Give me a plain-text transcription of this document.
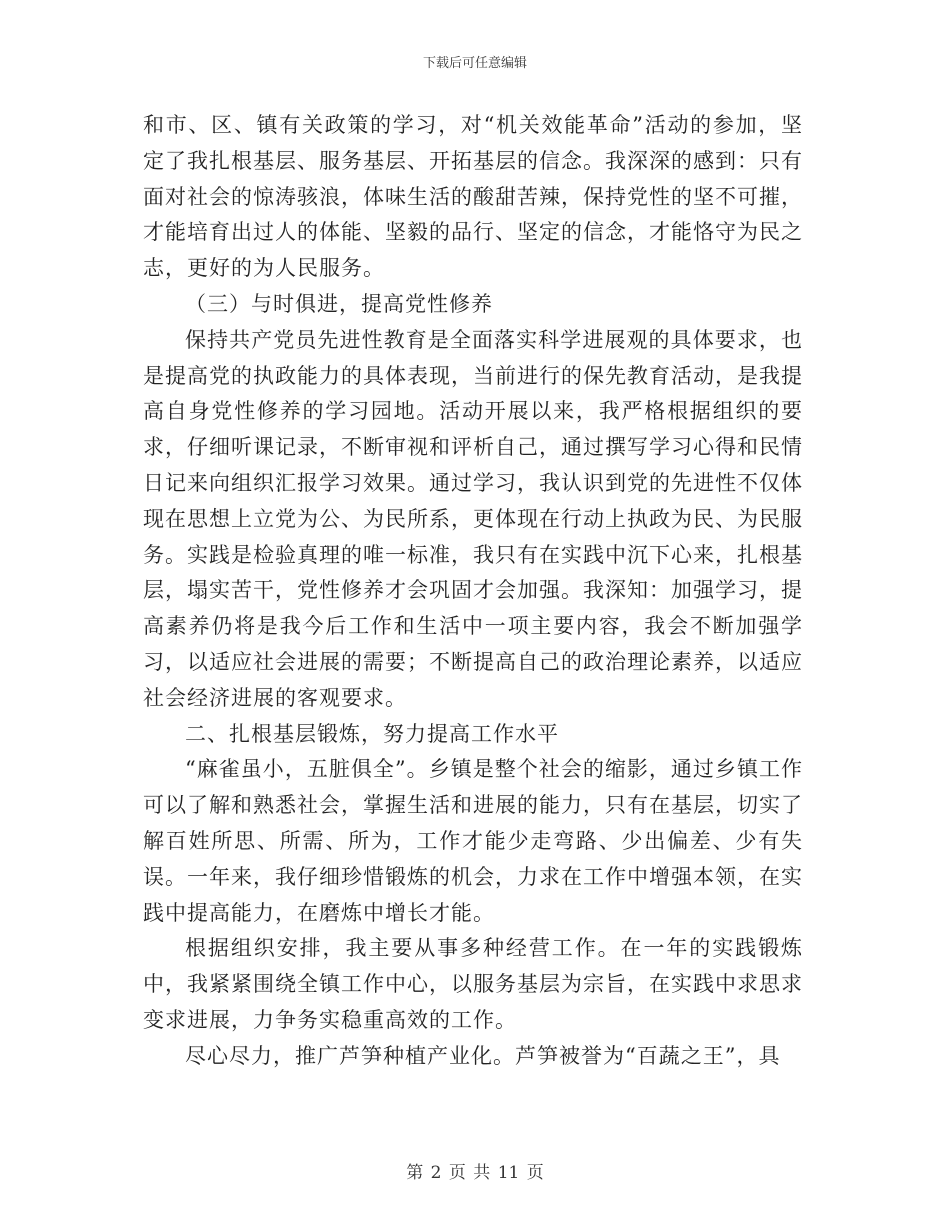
下载后可任意编辑

和市、区、镇有关政策的学习，对“机关效能革命”活动的参加，坚定了我扎根基层、服务基层、开拓基层的信念。我深深的感到：只有面对社会的惊涛骇浪，体味生活的酸甜苦辣，保持党性的坚不可摧，才能培育出过人的体能、坚毅的品行、坚定的信念，才能恪守为民之志，更好的为人民服务。

（三）与时俱进，提高党性修养

保持共产党员先进性教育是全面落实科学进展观的具体要求，也是提高党的执政能力的具体表现，当前进行的保先教育活动，是我提高自身党性修养的学习园地。活动开展以来，我严格根据组织的要求，仔细听课记录，不断审视和评析自己，通过撰写学习心得和民情日记来向组织汇报学习效果。通过学习，我认识到党的先进性不仅体现在思想上立党为公、为民所系，更体现在行动上执政为民、为民服务。实践是检验真理的唯一标准，我只有在实践中沉下心来，扎根基层，塌实苦干，党性修养才会巩固才会加强。我深知：加强学习，提高素养仍将是我今后工作和生活中一项主要内容，我会不断加强学习，以适应社会进展的需要；不断提高自己的政治理论素养，以适应社会经济进展的客观要求。

二、扎根基层锻炼，努力提高工作水平

“麻雀虽小，五脏俱全”。乡镇是整个社会的缩影，通过乡镇工作可以了解和熟悉社会，掌握生活和进展的能力，只有在基层，切实了解百姓所思、所需、所为，工作才能少走弯路、少出偏差、少有失误。一年来，我仔细珍惜锻炼的机会，力求在工作中增强本领，在实践中提高能力，在磨炼中增长才能。

根据组织安排，我主要从事多种经营工作。在一年的实践锻炼中，我紧紧围绕全镇工作中心，以服务基层为宗旨，在实践中求思求变求进展，力争务实稳重高效的工作。

尽心尽力，推广芦笋种植产业化。芦笋被誉为“百蔬之王”，具

第 2 页 共 11 页
